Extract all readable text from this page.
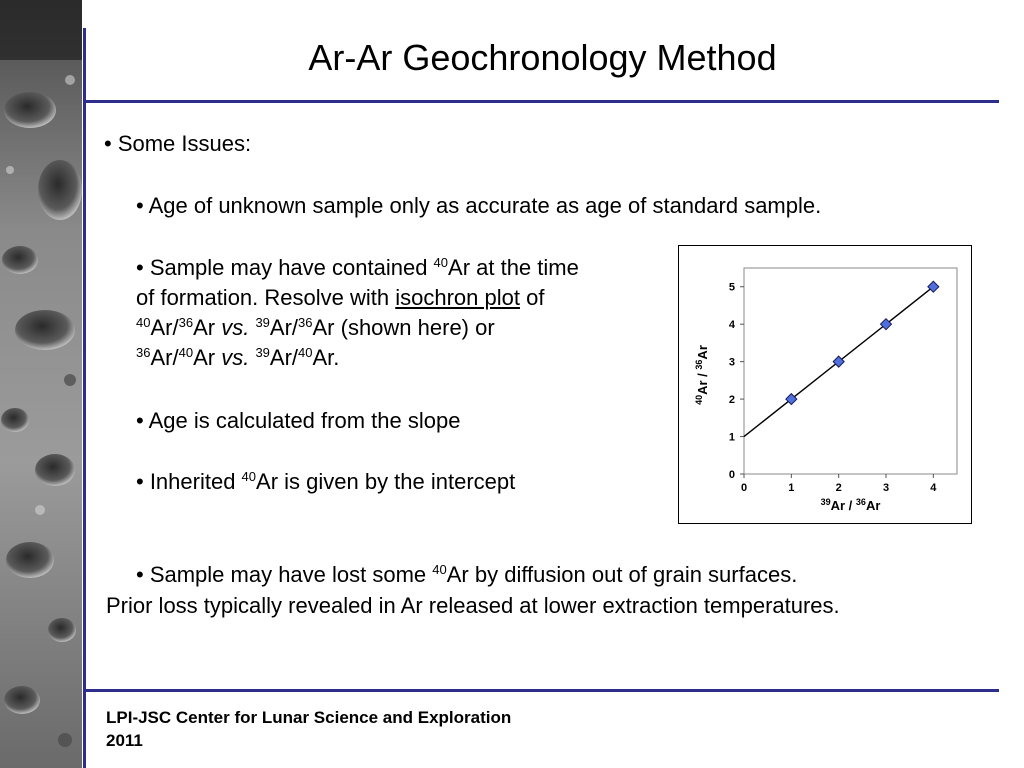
Ar-Ar Geochronology Method
• Some Issues:
• Age of unknown sample only as accurate as age of standard sample.
• Sample may have contained $^{40}$Ar at the time
of formation. Resolve with isochron plot of
$^{40}$Ar/$^{36}$Ar vs. $^{39}$Ar/$^{36}$Ar (shown here) or
$^{36}$Ar/$^{40}$Ar vs. $^{39}$Ar/$^{40}$Ar.
• Age is calculated from the slope
• Inherited $^{40}$Ar is given by the intercept
• Sample may have lost some $^{40}$Ar by diffusion out of grain surfaces.
Prior loss typically revealed in Ar released at lower extraction temperatures.
0
1
2
3
4
5
0	1	2	3	4
$^{39}$Ar / $^{36}$Ar
$^{40}$Ar / $^{36}$Ar
LPI-JSC Center for Lunar Science and Exploration
2011
